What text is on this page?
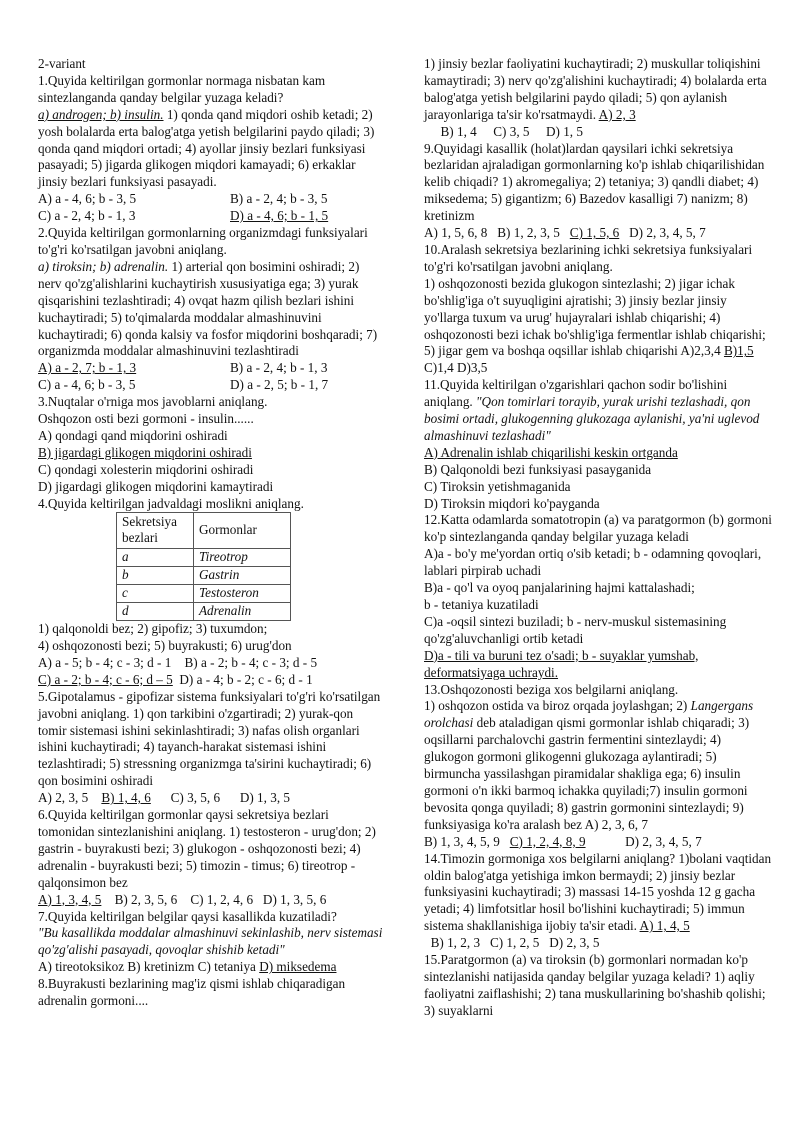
2-variant

1.Quyida keltirilgan gormonlar normaga nisbatan kam sintezlanganda qanday belgilar yuzaga keladi?

a) androgen; b) insulin. 1) qonda qand miqdori oshib ketadi; 2) yosh bolalarda erta balog'atga yetish belgilarini paydo qiladi; 3) qonda qand miqdori ortadi; 4) ayollar jinsiy bezlari funksiyasi pasayadi; 5) jigarda glikogen miqdori kamayadi; 6) erkaklar jinsiy bezlari funksiyasi pasayadi.

A) a - 4, 6; b - 3, 5	B) a - 2, 4; b - 3, 5
C) a - 2, 4; b - 1, 3	D) a - 4, 6; b - 1, 5

2.Quyida keltirilgan gormonlarning organizmdagi funksiyalari to'g'ri ko'rsatilgan javobni aniqlang.

a) tiroksin; b) adrenalin. 1) arterial qon bosimini oshiradi; 2) nerv qo'zg'alishlarini kuchaytirish xususiyatiga ega; 3) yurak qisqarishini tezlashtiradi; 4) ovqat hazm qilish bezlari ishini kuchaytiradi; 5) to'qimalarda moddalar almashinuvini kuchaytiradi; 6) qonda kalsiy va fosfor miqdorini boshqaradi; 7) organizmda moddalar almashinuvini tezlashtiradi

A) a - 2, 7; b - 1, 3	B) a - 2, 4; b - 1, 3
C) a - 4, 6; b - 3, 5	D) a - 2, 5; b - 1, 7

3.Nuqtalar o'rniga mos javoblarni aniqlang.

Oshqozon osti bezi gormoni - insulin......

A) qondagi qand miqdorini oshiradi

B) jigardagi glikogen miqdorini oshiradi

C) qondagi xolesterin miqdorini oshiradi

D) jigardagi glikogen miqdorini kamaytiradi

4.Quyida keltirilgan jadvaldagi moslikni aniqlang.

Sekretsiya bezlari	Gormonlar
a	Tireotrop
b	Gastrin
c	Testosteron
d	Adrenalin

1) qalqonoldi bez; 2) gipofiz; 3) tuxumdon;

4) oshqozonosti bezi; 5) buyrakusti; 6) urug'don

A) a - 5; b - 4; c - 3; d - 1    B) a - 2; b - 4; c - 3; d - 5

C) a - 2; b - 4; c - 6; d – 5  D) a - 4; b - 2; c - 6; d - 1

5.Gipotalamus - gipofizar sistema funksiyalari to'g'ri ko'rsatilgan javobni aniqlang. 1) qon tarkibini o'zgartiradi; 2) yurak-qon tomir sistemasi ishini sekinlashtiradi; 3) nafas olish organlari ishini kuchaytiradi; 4) tayanch-harakat sistemasi ishini tezlashtiradi; 5) stressning organizmga ta'sirini kuchaytiradi; 6) qon bosimini oshiradi

A) 2, 3, 5    B) 1, 4, 6      C) 3, 5, 6      D) 1, 3, 5

6.Quyida keltirilgan gormonlar qaysi sekretsiya bezlari tomonidan sintezlanishini aniqlang. 1) testosteron - urug'don; 2) gastrin - buyrakusti bezi; 3) glukogon - oshqozonosti bezi; 4) adrenalin - buyrakusti bezi; 5) timozin - timus; 6) tireotrop - qalqonsimon bez

A) 1, 3, 4, 5    B) 2, 3, 5, 6    C) 1, 2, 4, 6   D) 1, 3, 5, 6

7.Quyida keltirilgan belgilar qaysi kasallikda kuzatiladi?

"Bu kasallikda moddalar almashinuvi sekinlashib, nerv sistemasi qo'zg'alishi pasayadi, qovoqlar shishib ketadi"

A) tireotoksikoz B) kretinizm C) tetaniya D) miksedema

8.Buyrakusti bezlarining mag'iz qismi ishlab chiqaradigan adrenalin gormoni....

1) jinsiy bezlar faoliyatini kuchaytiradi; 2) muskullar toliqishini kamaytiradi; 3) nerv qo'zg'alishini kuchaytiradi; 4) bolalarda erta balog'atga yetish belgilarini paydo qiladi; 5) qon aylanish jarayonlariga ta'sir ko'rsatmaydi. A) 2, 3     B) 1, 4     C) 3, 5     D) 1, 5

9.Quyidagi kasallik (holat)lardan qaysilari ichki sekretsiya bezlaridan ajraladigan gormonlarning ko'p ishlab chiqarilishidan kelib chiqadi? 1) akromegaliya; 2) tetaniya; 3) qandli diabet; 4) miksedema; 5) gigantizm; 6) Bazedov kasalligi 7) nanizm; 8) kretinizm

A) 1, 5, 6, 8   B) 1, 2, 3, 5   C) 1, 5, 6   D) 2, 3, 4, 5, 7

10.Aralash sekretsiya bezlarining ichki sekretsiya funksiyalari to'g'ri ko'rsatilgan javobni aniqlang.

1) oshqozonosti bezida glukogon sintezlashi; 2) jigar ichak bo'shlig'iga o't suyuqligini ajratishi; 3) jinsiy bezlar jinsiy yo'llarga tuxum va urug' hujayralari ishlab chiqarishi; 4) oshqozonosti bezi ichak bo'shlig'iga fermentlar ishlab chiqarishi; 5) jigar gem va boshqa oqsillar ishlab chiqarishi A)2,3,4 B)1,5 C)1,4 D)3,5

11.Quyida keltirilgan o'zgarishlari qachon sodir bo'lishini aniqlang. "Qon tomirlari torayib, yurak urishi tezlashadi, qon bosimi ortadi, glukogenning glukozaga aylanishi, ya'ni uglevod almashinuvi tezlashadi"

A) Adrenalin ishlab chiqarilishi keskin ortganda

B) Qalqonoldi bezi funksiyasi pasayganida

C) Tiroksin yetishmaganida

D) Tiroksin miqdori ko'payganda

12.Katta odamlarda somatotropin (a) va paratgormon (b) gormoni ko'p sintezlanganda qanday belgilar yuzaga keladi

A)a - bo'y me'yordan ortiq o'sib ketadi; b - odamning qovoqlari, lablari pirpirab uchadi

B)a - qo'l va oyoq panjalarining hajmi kattalashadi;

b - tetaniya kuzatiladi

C)a -oqsil sintezi buziladi; b - nerv-muskul sistemasining qo'zg'aluvchanligi ortib ketadi

D)a - tili va buruni tez o'sadi; b - suyaklar yumshab, deformatsiyaga uchraydi.

13.Oshqozonosti beziga xos belgilarni aniqlang.

1) oshqozon ostida va biroz orqada joylashgan; 2) Langergans orolchasi deb ataladigan qismi gormonlar ishlab chiqaradi; 3) oqsillarni parchalovchi gastrin fermentini sintezlaydi; 4) glukogon gormoni glikogenni glukozaga aylantiradi; 5) birmuncha yassilashgan piramidalar shakliga ega; 6) insulin gormoni o'n ikki barmoq ichakka quyiladi;7) insulin gormoni bevosita qonga quyiladi; 8) gastrin gormonini sintezlaydi; 9) funksiyasiga ko'ra aralash bez A) 2, 3, 6, 7

B) 1, 3, 4, 5, 9   C) 1, 2, 4, 8, 9            D) 2, 3, 4, 5, 7

14.Timozin gormoniga xos belgilarni aniqlang? 1)bolani vaqtidan oldin balog'atga yetishiga imkon bermaydi; 2) jinsiy bezlar funksiyasini kuchaytiradi; 3) massasi 14-15 yoshda 12 g gacha yetadi; 4) limfotsitlar hosil bo'lishini kuchaytiradi; 5) immun sistema shakllanishiga ijobiy ta'sir etadi. A) 1, 4, 5  B) 1, 2, 3   C) 1, 2, 5   D) 2, 3, 5

15.Paratgormon (a) va tiroksin (b) gormonlari normadan ko'p sintezlanishi natijasida qanday belgilar yuzaga keladi? 1) aqliy faoliyatni zaiflashishi; 2) tana muskullarining bo'shashib qolishi; 3) suyaklarni
